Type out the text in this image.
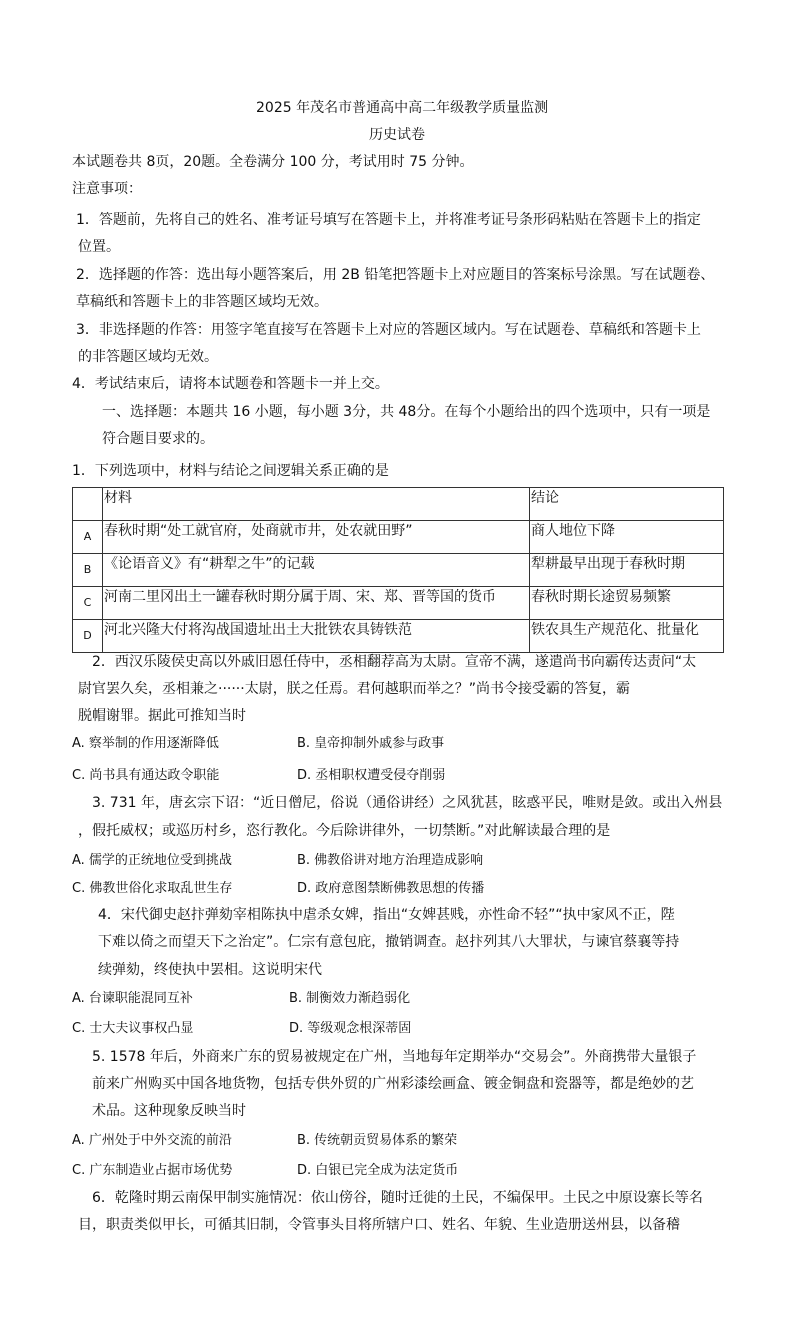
2025 年茂名市普通高中高二年级教学质量监测
历史试卷
本试题卷共 8页，20题。全卷满分 100 分，考试用时 75 分钟。
注意事项：
1．答题前，先将自己的姓名、准考证号填写在答题卡上，并将准考证号条形码粘贴在答题卡上的指定
位置。
2．选择题的作答：选出每小题答案后，用 2B 铅笔把答题卡上对应题目的答案标号涂黑。写在试题卷、
草稿纸和答题卡上的非答题区域均无效。
3．非选择题的作答：用签字笔直接写在答题卡上对应的答题区域内。写在试题卷、草稿纸和答题卡上
的非答题区域均无效。
4．考试结束后，请将本试题卷和答题卡一并上交。
一、选择题：本题共 16 小题，每小题 3分，共 48分。在每个小题给出的四个选项中，只有一项是
符合题目要求的。
1．下列选项中，材料与结论之间逻辑关系正确的是
	材料	结论
A	春秋时期“处工就官府，处商就市井，处农就田野”	商人地位下降
B	《论语音义》有“耕犁之牛”的记载	犁耕最早出现于春秋时期
C	河南二里冈出土一罐春秋时期分属于周、宋、郑、晋等国的货币	春秋时期长途贸易频繁
D	河北兴隆大付将沟战国遗址出土大批铁农具铸铁范	铁农具生产规范化、批量化
2．西汉乐陵侯史高以外戚旧恩任侍中，丞相翻荐高为太尉。宣帝不满，遂遣尚书向霸传达责问“太
尉官罢久矣，丞相兼之······太尉，朕之任焉。君何越职而举之？”尚书令接受霸的答复，霸
脱帽谢罪。据此可推知当时
A. 察举制的作用逐渐降低	B. 皇帝抑制外戚参与政事
C. 尚书具有通达政令职能	D. 丞相职权遭受侵夺削弱
3. 731 年，唐玄宗下诏：“近日僧尼，俗说（通俗讲经）之风犹甚，眩惑平民，唯财是敛。或出入州县
，假托威权；或巡历村乡，恣行教化。今后除讲律外，一切禁断。”对此解读最合理的是
A. 儒学的正统地位受到挑战	B. 佛教俗讲对地方治理造成影响
C. 佛教世俗化求取乱世生存	D. 政府意图禁断佛教思想的传播
4．宋代御史赵抃弹劾宰相陈执中虐杀女婢，指出“女婢甚贱，亦性命不轻”“执中家风不正，陛
下难以倚之而望天下之治定”。仁宗有意包庇，撤销调查。赵抃列其八大罪状，与谏官蔡襄等持
续弹劾，终使执中罢相。这说明宋代
A. 台谏职能混同互补	B. 制衡效力渐趋弱化
C. 士大夫议事权凸显	D. 等级观念根深蒂固
5. 1578 年后，外商来广东的贸易被规定在广州，当地每年定期举办“交易会”。外商携带大量银子
前来广州购买中国各地货物，包括专供外贸的广州彩漆绘画盒、镀金铜盘和瓷器等，都是绝妙的艺
术品。这种现象反映当时
A. 广州处于中外交流的前沿	B. 传统朝贡贸易体系的繁荣
C. 广东制造业占据市场优势	D. 白银已完全成为法定货币
6．乾隆时期云南保甲制实施情况：依山傍谷，随时迁徙的土民，不编保甲。土民之中原设寨长等名
目，职责类似甲长，可循其旧制，令管事头目将所辖户口、姓名、年貌、生业造册送州县，以备稽
